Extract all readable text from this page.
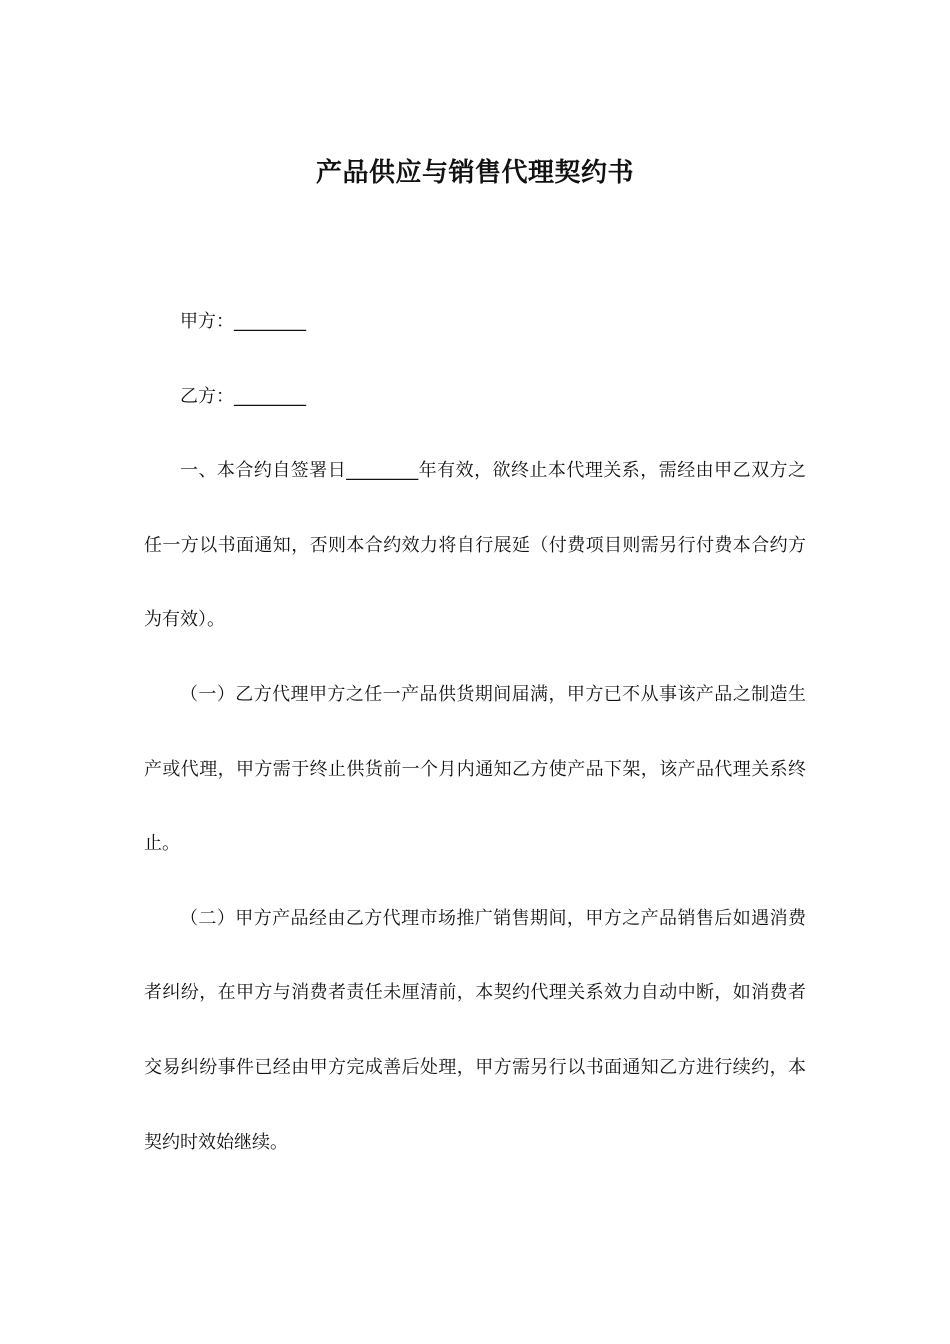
产品供应与销售代理契约书

甲方：________

乙方：________

一、本合约自签署日________年有效，欲终止本代理关系，需经由甲乙双方之任一方以书面通知，否则本合约效力将自行展延（付费项目则需另行付费本合约方为有效）。

（一）乙方代理甲方之任一产品供货期间届满，甲方已不从事该产品之制造生产或代理，甲方需于终止供货前一个月内通知乙方使产品下架，该产品代理关系终止。

（二）甲方产品经由乙方代理市场推广销售期间，甲方之产品销售后如遇消费者纠纷，在甲方与消费者责任未厘清前，本契约代理关系效力自动中断，如消费者交易纠纷事件已经由甲方完成善后处理，甲方需另行以书面通知乙方进行续约，本契约时效始继续。
